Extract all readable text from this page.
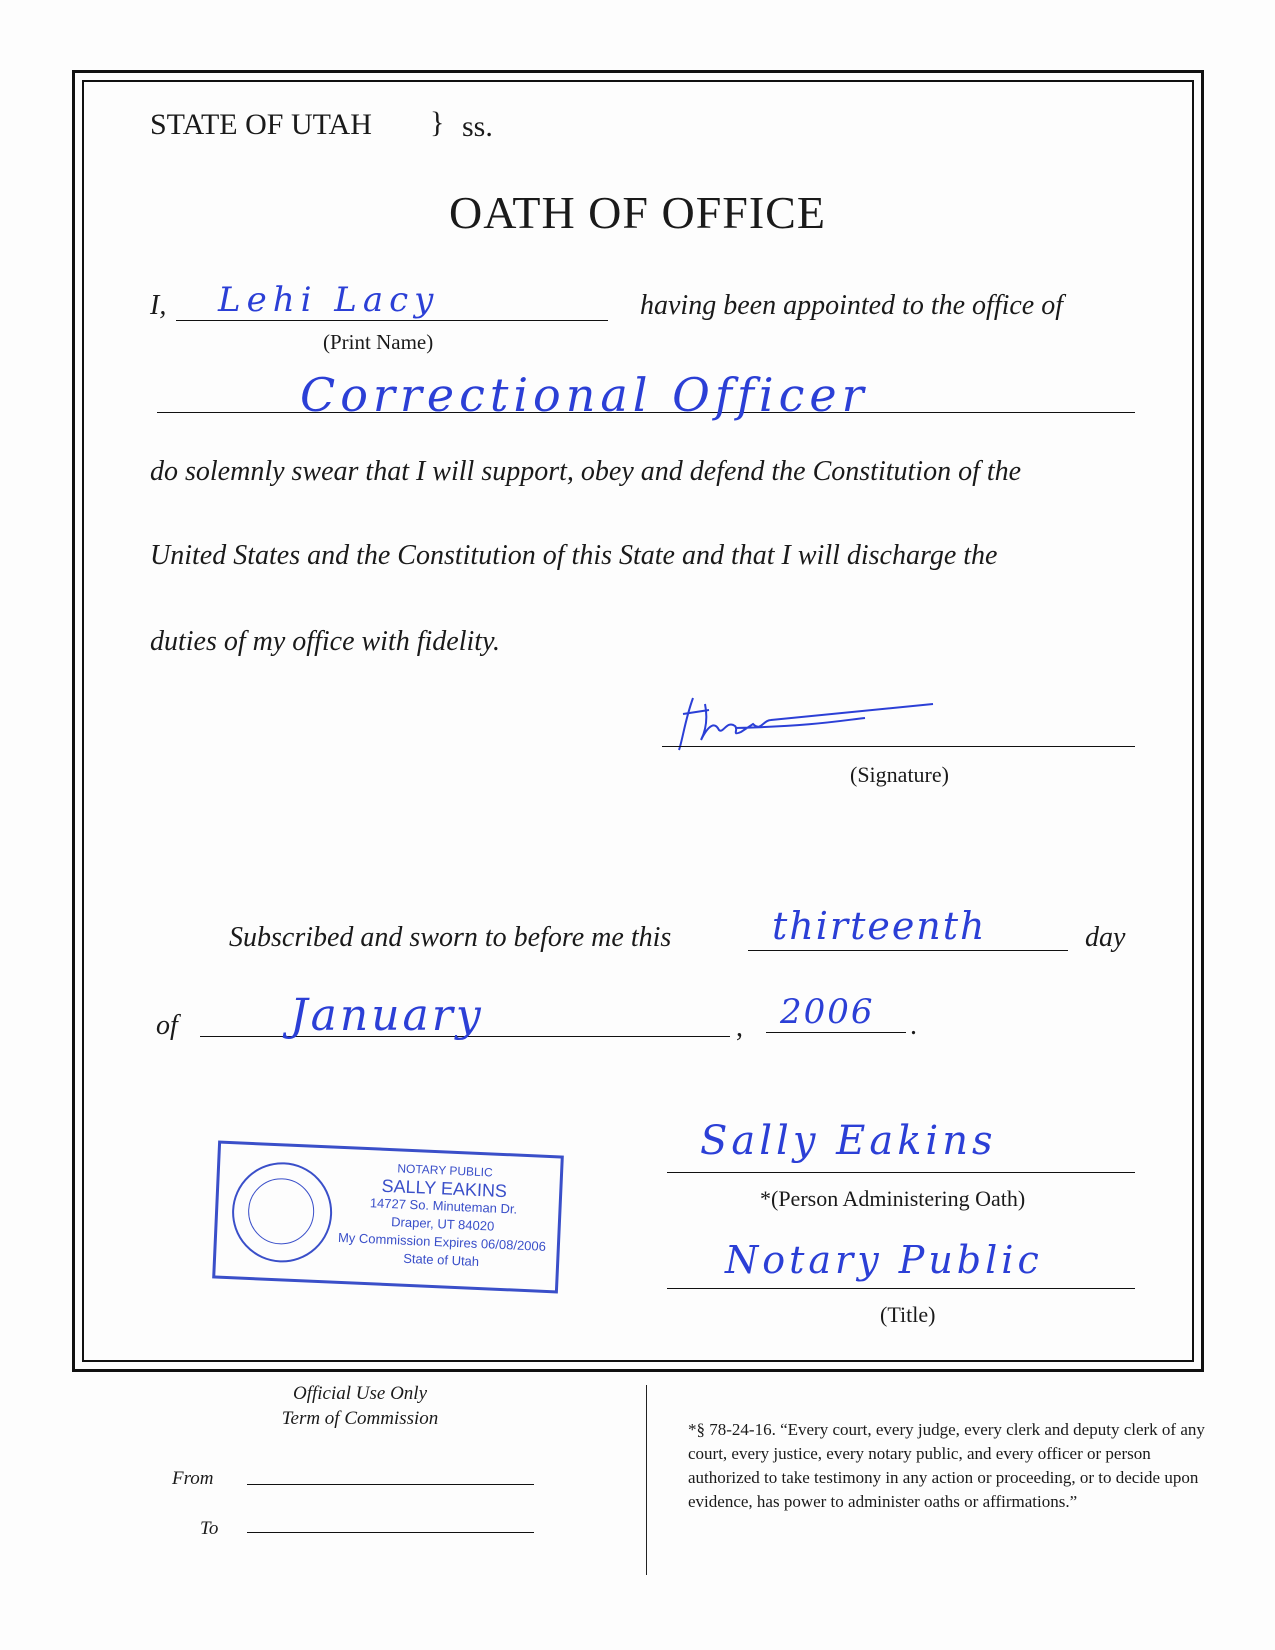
STATE OF UTAH } ss.
OATH OF OFFICE
I, Lehi Lacy
(Print Name)
having been appointed to the office of
Correctional Officer
do solemnly swear that I will support, obey and defend the Constitution of the
United States and the Constitution of this State and that I will discharge the
duties of my office with fidelity.
(Signature)
Subscribed and sworn to before me this	thirteenth	day
of	January	, 2006 .
NOTARY PUBLIC
SALLY EAKINS
14727 So. Minuteman Dr.
Draper, UT 84020
My Commission Expires 06/08/2006
State of Utah
Sally Eakins
*(Person Administering Oath)
Notary Public
(Title)
Official Use Only
Term of Commission
From
To
*§ 78-24-16. “Every court, every judge, every clerk and deputy clerk of any court, every justice, every notary public, and every officer or person authorized to take testimony in any action or proceeding, or to decide upon evidence, has power to administer oaths or affirmations.”
